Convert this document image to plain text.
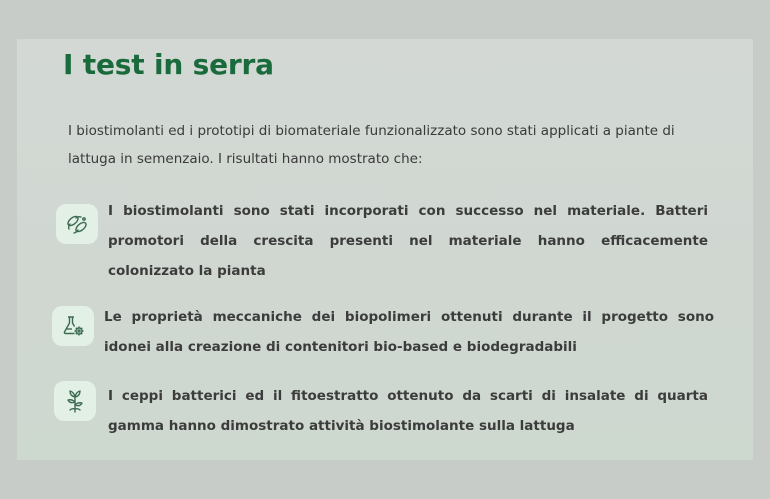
I test in serra

I biostimolanti ed i prototipi di biomateriale funzionalizzato sono stati applicati a piante di lattuga in semenzaio. I risultati hanno mostrato che:

I biostimolanti sono stati incorporati con successo nel materiale. Batteri promotori della crescita presenti nel materiale hanno efficacemente colonizzato la pianta

Le proprietà meccaniche dei biopolimeri ottenuti durante il progetto sono idonei alla creazione di contenitori bio-based e biodegradabili

I ceppi batterici ed il fitoestratto ottenuto da scarti di insalate di quarta gamma hanno dimostrato attività biostimolante sulla lattuga
